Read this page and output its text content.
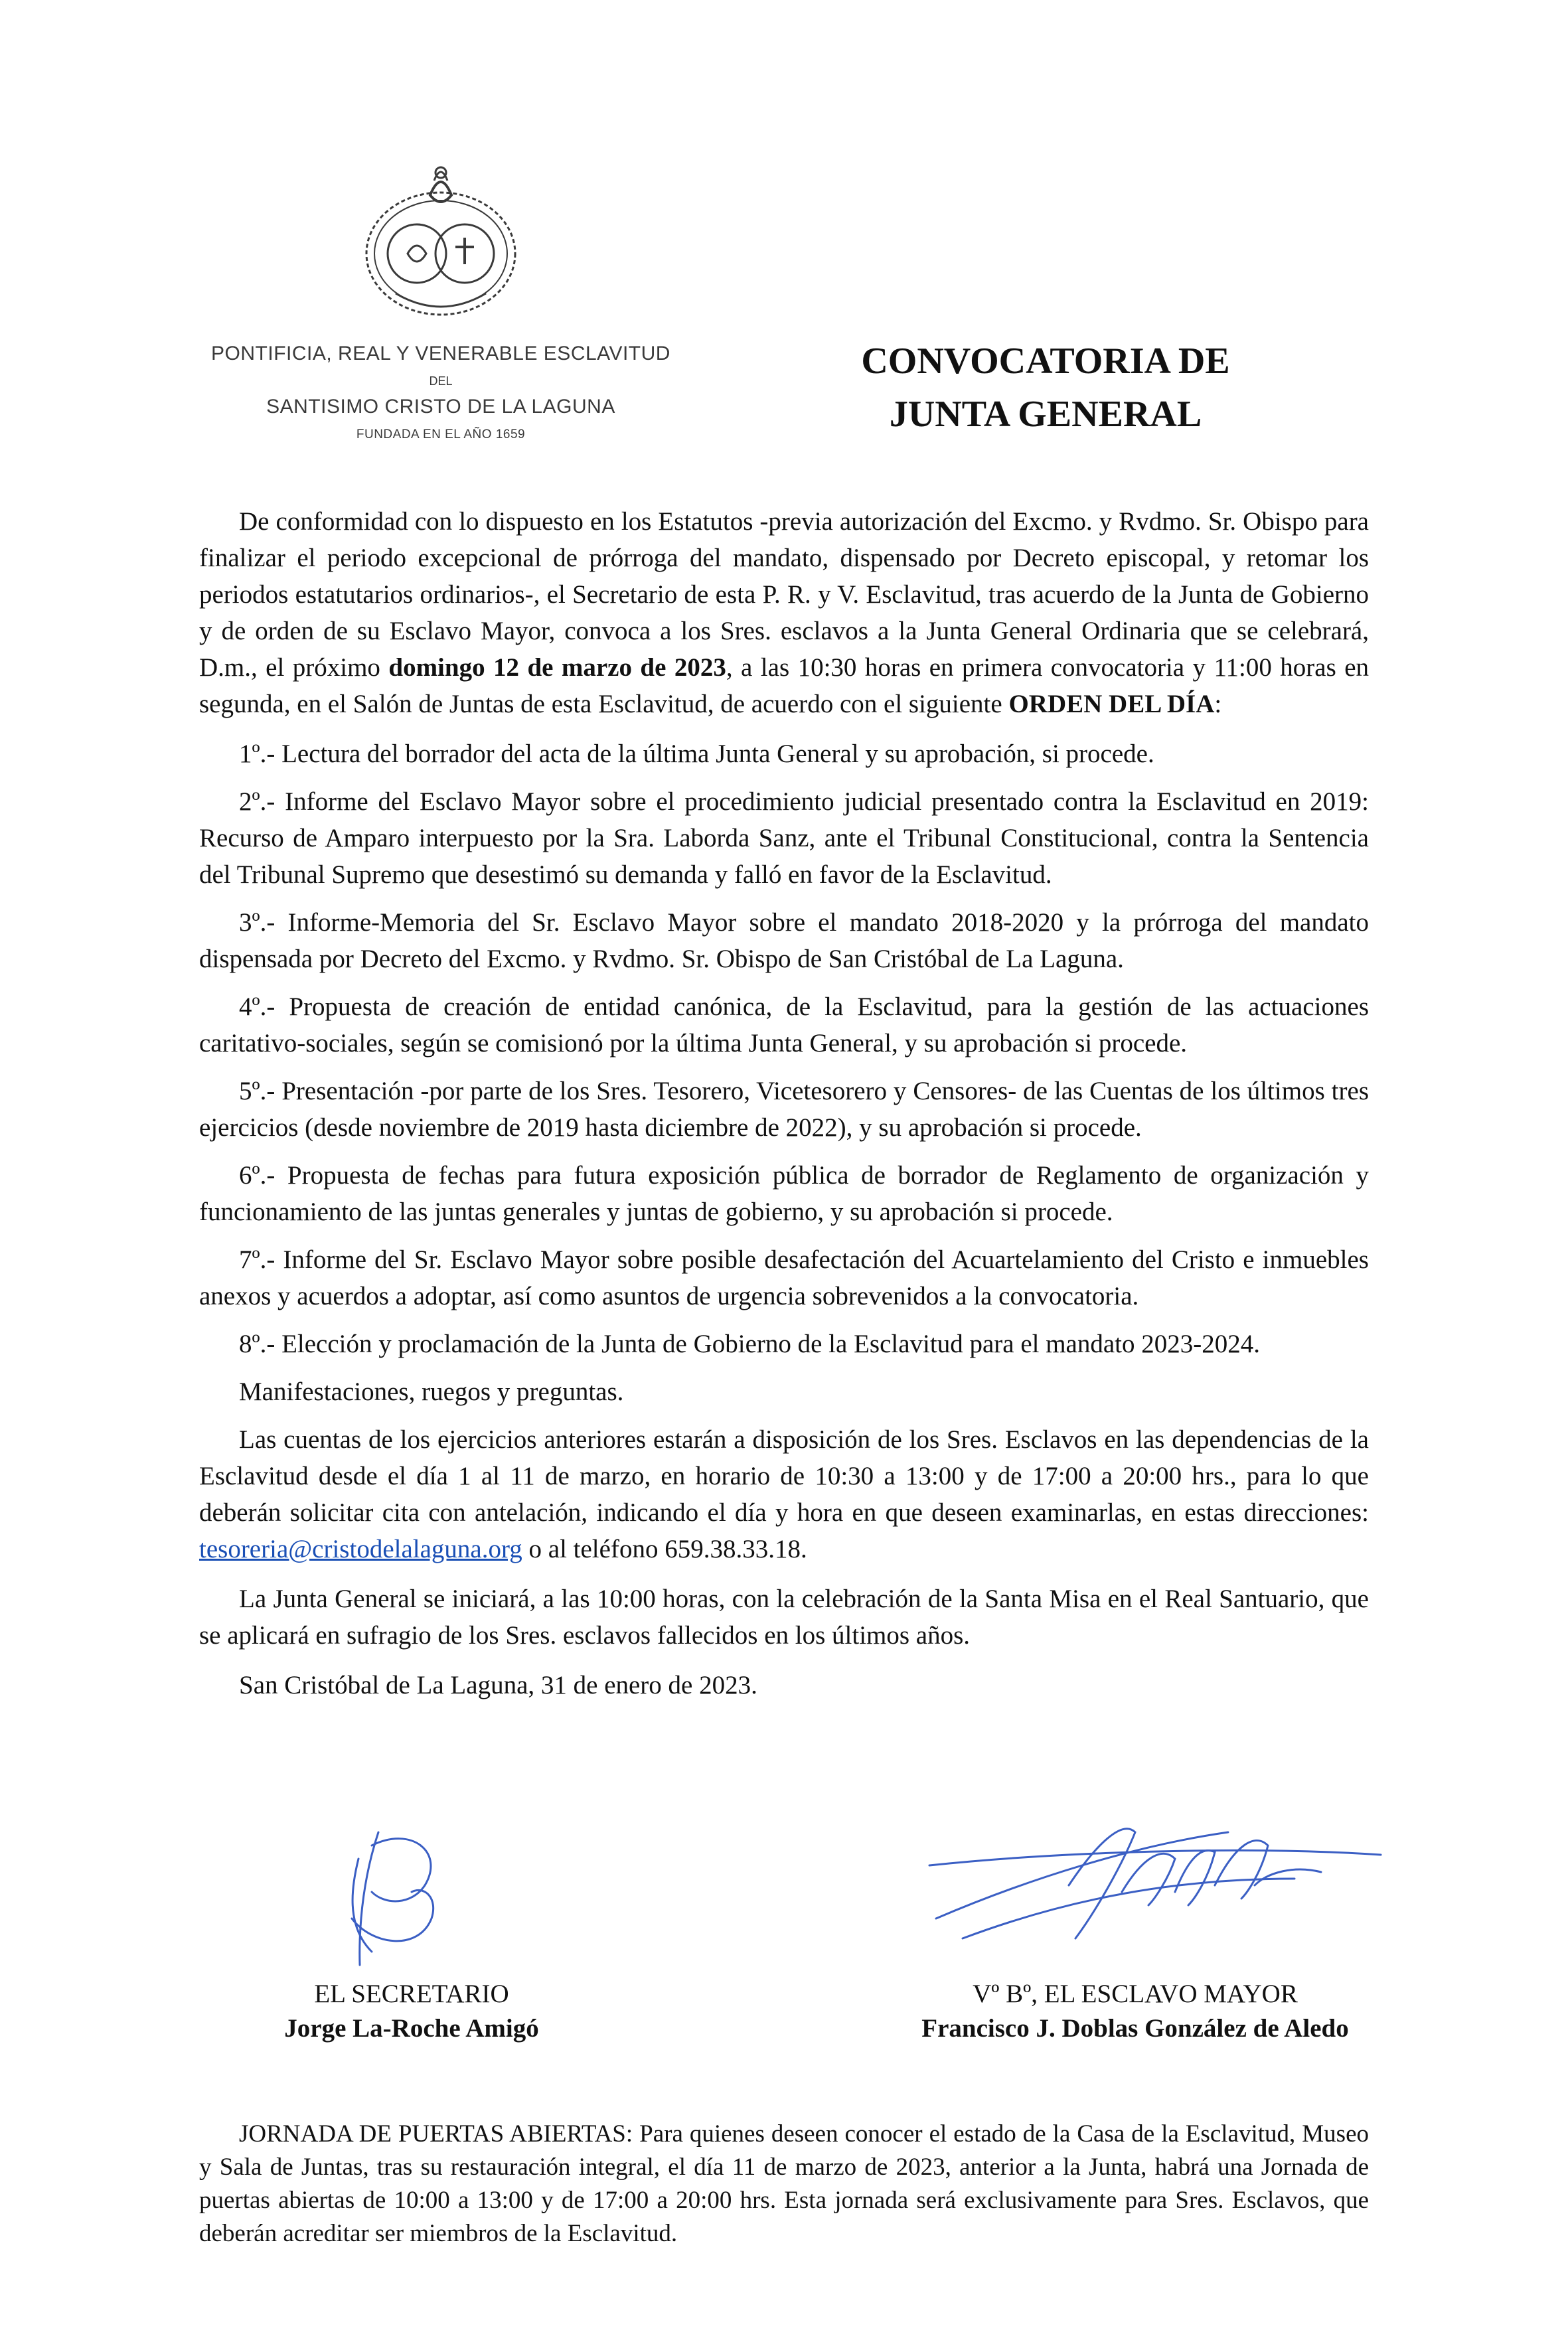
PONTIFICIA, REAL Y VENERABLE ESCLAVITUD
DEL
SANTISIMO CRISTO DE LA LAGUNA
FUNDADA EN EL AÑO 1659
CONVOCATORIA DE
JUNTA GENERAL

De conformidad con lo dispuesto en los Estatutos -previa autorización del Excmo. y Rvdmo. Sr. Obispo para finalizar el periodo excepcional de prórroga del mandato, dispensado por Decreto episcopal, y retomar los periodos estatutarios ordinarios-, el Secretario de esta P. R. y V. Esclavitud, tras acuerdo de la Junta de Gobierno y de orden de su Esclavo Mayor, convoca a los Sres. esclavos a la Junta General Ordinaria que se celebrará, D.m., el próximo domingo 12 de marzo de 2023, a las 10:30 horas en primera convocatoria y 11:00 horas en segunda, en el Salón de Juntas de esta Esclavitud, de acuerdo con el siguiente ORDEN DEL DÍA:

1º.- Lectura del borrador del acta de la última Junta General y su aprobación, si procede.

2º.- Informe del Esclavo Mayor sobre el procedimiento judicial presentado contra la Esclavitud en 2019: Recurso de Amparo interpuesto por la Sra. Laborda Sanz, ante el Tribunal Constitucional, contra la Sentencia del Tribunal Supremo que desestimó su demanda y falló en favor de la Esclavitud.

3º.- Informe-Memoria del Sr. Esclavo Mayor sobre el mandato 2018-2020 y la prórroga del mandato dispensada por Decreto del Excmo. y Rvdmo. Sr. Obispo de San Cristóbal de La Laguna.

4º.- Propuesta de creación de entidad canónica, de la Esclavitud, para la gestión de las actuaciones caritativo-sociales, según se comisionó por la última Junta General, y su aprobación si procede.

5º.- Presentación -por parte de los Sres. Tesorero, Vicetesorero y Censores- de las Cuentas de los últimos tres ejercicios (desde noviembre de 2019 hasta diciembre de 2022), y su aprobación si procede.

6º.- Propuesta de fechas para futura exposición pública de borrador de Reglamento de organización y funcionamiento de las juntas generales y juntas de gobierno, y su aprobación si procede.

7º.- Informe del Sr. Esclavo Mayor sobre posible desafectación del Acuartelamiento del Cristo e inmuebles anexos y acuerdos a adoptar, así como asuntos de urgencia sobrevenidos a la convocatoria.

8º.- Elección y proclamación de la Junta de Gobierno de la Esclavitud para el mandato 2023-2024.

Manifestaciones, ruegos y preguntas.

Las cuentas de los ejercicios anteriores estarán a disposición de los Sres. Esclavos en las dependencias de la Esclavitud desde el día 1 al 11 de marzo, en horario de 10:30 a 13:00 y de 17:00 a 20:00 hrs., para lo que deberán solicitar cita con antelación, indicando el día y hora en que deseen examinarlas, en estas direcciones: tesoreria@cristodelalaguna.org o al teléfono 659.38.33.18.

La Junta General se iniciará, a las 10:00 horas, con la celebración de la Santa Misa en el Real Santuario, que se aplicará en sufragio de los Sres. esclavos fallecidos en los últimos años.

San Cristóbal de La Laguna, 31 de enero de 2023.

EL SECRETARIO
Jorge La-Roche Amigó
Vº Bº, EL ESCLAVO MAYOR
Francisco J. Doblas González de Aledo
JORNADA DE PUERTAS ABIERTAS: Para quienes deseen conocer el estado de la Casa de la Esclavitud, Museo y Sala de Juntas, tras su restauración integral, el día 11 de marzo de 2023, anterior a la Junta, habrá una Jornada de puertas abiertas de 10:00 a 13:00 y de 17:00 a 20:00 hrs. Esta jornada será exclusivamente para Sres. Esclavos, que deberán acreditar ser miembros de la Esclavitud.
